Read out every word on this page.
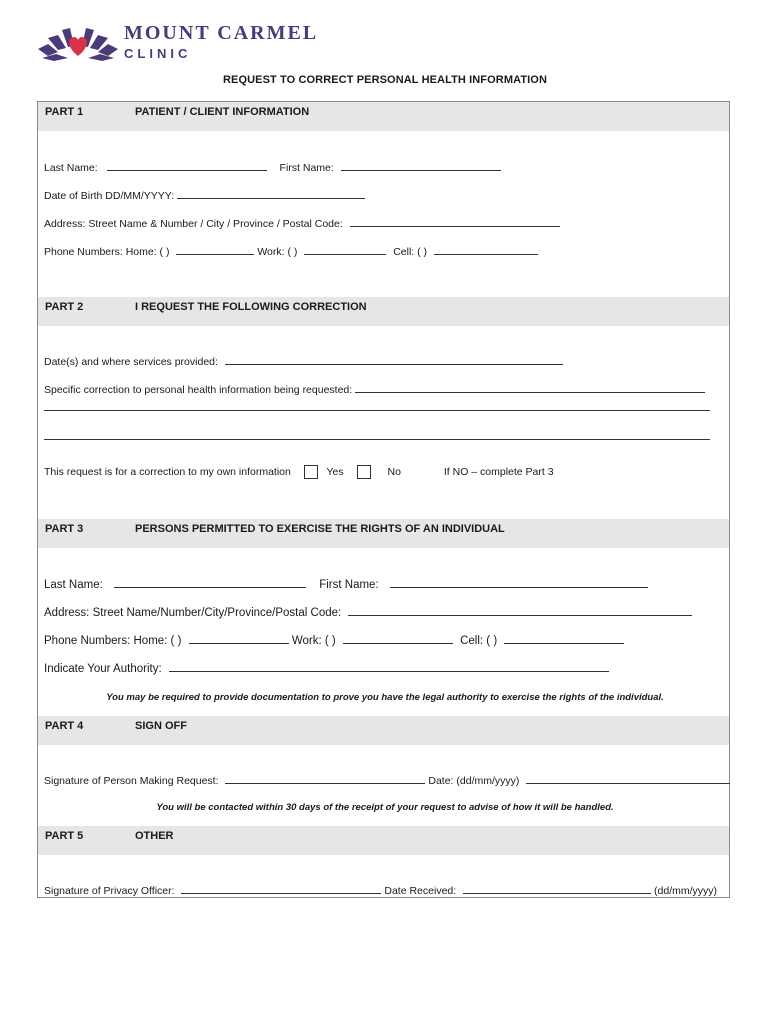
MOUNT CARMEL
CLINIC
REQUEST TO CORRECT PERSONAL HEALTH INFORMATION
PART 1	PATIENT / CLIENT INFORMATION
Last Name:	First Name:
Date of Birth DD/MM/YYYY:
Address: Street Name & Number / City / Province / Postal Code:
Phone Numbers: Home: ( )	Work: ( )	Cell: ( )
PART 2	I REQUEST THE FOLLOWING CORRECTION
Date(s) and where services provided:
Specific correction to personal health information being requested:
This request is for a correction to my own information	Yes	No	If NO – complete Part 3
PART 3	PERSONS PERMITTED TO EXERCISE THE RIGHTS OF AN INDIVIDUAL
Last Name:	First Name:
Address: Street Name/Number/City/Province/Postal Code:
Phone Numbers: Home: ( )	Work: ( )	Cell: ( )
Indicate Your Authority:
You may be required to provide documentation to prove you have the legal authority to exercise the rights of the individual.
PART 4	SIGN OFF
Signature of Person Making Request:	Date: (dd/mm/yyyy)
You will be contacted within 30 days of the receipt of your request to advise of how it will be handled.
PART 5	OTHER
Signature of Privacy Officer:	Date Received:	(dd/mm/yyyy)
